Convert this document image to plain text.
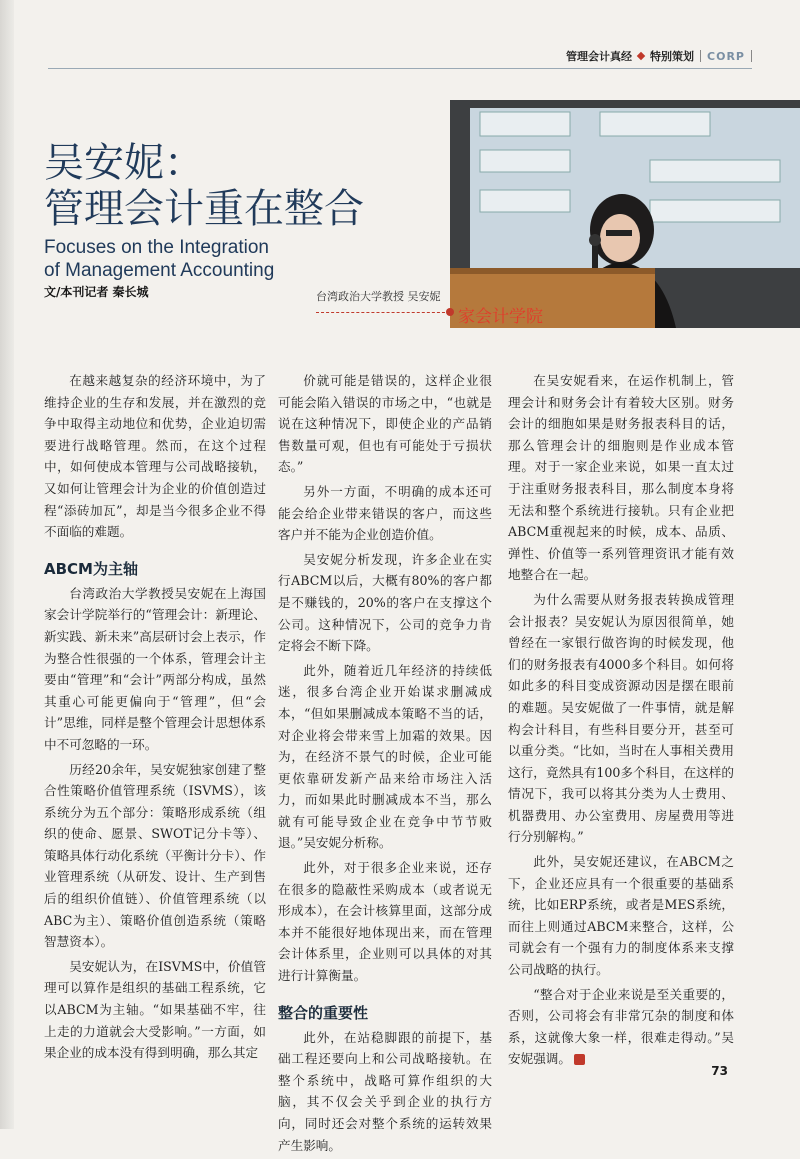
管理会计真经 特别策划 CORP
家会计学院
吴安妮：
管理会计重在整合
Focuses on the Integration
of Management Accounting
文/本刊记者 秦长城	台湾政治大学教授 吴安妮

在越来越复杂的经济环境中，为了维持企业的生存和发展，并在激烈的竞争中取得主动地位和优势，企业迫切需要进行战略管理。然而，在这个过程中，如何使成本管理与公司战略接轨，又如何让管理会计为企业的价值创造过程“添砖加瓦”，却是当今很多企业不得不面临的难题。

ABCM为主轴

台湾政治大学教授吴安妮在上海国家会计学院举行的“管理会计：新理论、新实践、新未来”高层研讨会上表示，作为整合性很强的一个体系，管理会计主要由“管理”和“会计”两部分构成，虽然其重心可能更偏向于“管理”，但“会计”思维，同样是整个管理会计思想体系中不可忽略的一环。

历经20余年，吴安妮独家创建了整合性策略价值管理系统（ISVMS），该系统分为五个部分：策略形成系统（组织的使命、愿景、SWOT记分卡等）、策略具体行动化系统（平衡计分卡）、作业管理系统（从研发、设计、生产到售后的组织价值链）、价值管理系统（以ABC为主）、策略价值创造系统（策略智慧资本）。

吴安妮认为，在ISVMS中，价值管理可以算作是组织的基础工程系统，它以ABCM为主轴。“如果基础不牢，往上走的力道就会大受影响。”一方面，如果企业的成本没有得到明确，那么其定

价就可能是错误的，这样企业很可能会陷入错误的市场之中，“也就是说在这种情况下，即使企业的产品销售数量可观，但也有可能处于亏损状态。”

另外一方面，不明确的成本还可能会给企业带来错误的客户，而这些客户并不能为企业创造价值。

吴安妮分析发现，许多企业在实行ABCM以后，大概有80%的客户都是不赚钱的，20%的客户在支撑这个公司。这种情况下，公司的竞争力肯定将会不断下降。

此外，随着近几年经济的持续低迷，很多台湾企业开始谋求删减成本，“但如果删减成本策略不当的话，对企业将会带来雪上加霜的效果。因为，在经济不景气的时候，企业可能更依靠研发新产品来给市场注入活力，而如果此时删减成本不当，那么就有可能导致企业在竞争中节节败退。”吴安妮分析称。

此外，对于很多企业来说，还存在很多的隐蔽性采购成本（或者说无形成本），在会计核算里面，这部分成本并不能很好地体现出来，而在管理会计体系里，企业则可以具体的对其进行计算衡量。

整合的重要性

此外，在站稳脚跟的前提下，基础工程还要向上和公司战略接轨。在整个系统中，战略可算作组织的大脑，其不仅会关乎到企业的执行方向，同时还会对整个系统的运转效果产生影响。

在吴安妮看来，在运作机制上，管理会计和财务会计有着较大区别。财务会计的细胞如果是财务报表科目的话，那么管理会计的细胞则是作业成本管理。对于一家企业来说，如果一直太过于注重财务报表科目，那么制度本身将无法和整个系统进行接轨。只有企业把ABCM重视起来的时候，成本、品质、弹性、价值等一系列管理资讯才能有效地整合在一起。

为什么需要从财务报表转换成管理会计报表？吴安妮认为原因很简单，她曾经在一家银行做咨询的时候发现，他们的财务报表有4000多个科目。如何将如此多的科目变成资源动因是摆在眼前的难题。吴安妮做了一件事情，就是解构会计科目，有些科目要分开，甚至可以重分类。“比如，当时在人事相关费用这行，竟然具有100多个科目，在这样的情况下，我可以将其分类为人士费用、机器费用、办公室费用、房屋费用等进行分别解构。”

此外，吴安妮还建议，在ABCM之下，企业还应具有一个很重要的基础系统，比如ERP系统，或者是MES系统，而往上则通过ABCM来整合，这样，公司就会有一个强有力的制度体系来支撑公司战略的执行。

“整合对于企业来说是至关重要的，否则，公司将会有非常冗杂的制度和体系，这就像大象一样，很难走得动。”吴安妮强调。

73
